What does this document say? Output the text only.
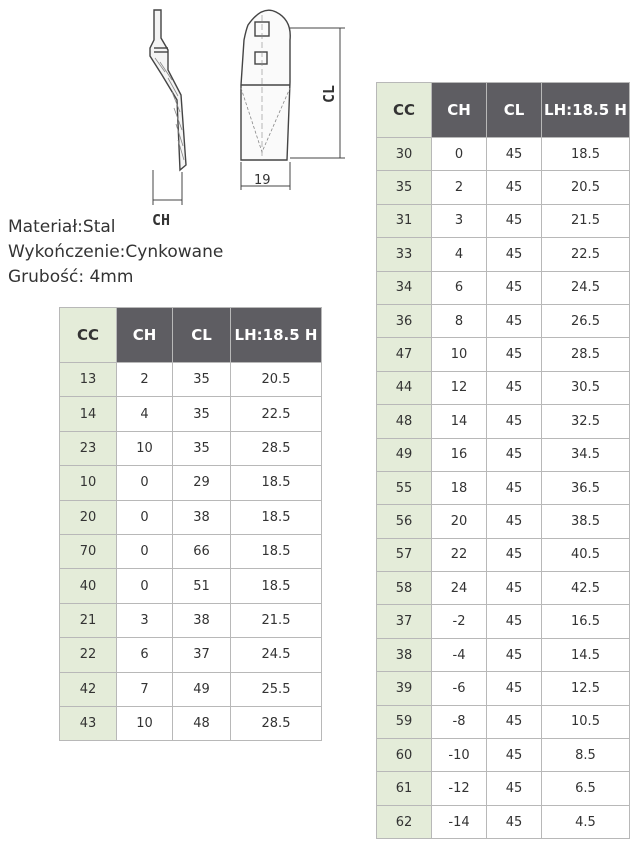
CH
19
CL
Materiał:Stal
Wykończenie:Cynkowane
Grubość: 4mm
CC	CH	CL	LH:18.5 H
13	2	35	20.5
14	4	35	22.5
23	10	35	28.5
10	0	29	18.5
20	0	38	18.5
70	0	66	18.5
40	0	51	18.5
21	3	38	21.5
22	6	37	24.5
42	7	49	25.5
43	10	48	28.5
CC	CH	CL	LH:18.5 H
30	0	45	18.5
35	2	45	20.5
31	3	45	21.5
33	4	45	22.5
34	6	45	24.5
36	8	45	26.5
47	10	45	28.5
44	12	45	30.5
48	14	45	32.5
49	16	45	34.5
55	18	45	36.5
56	20	45	38.5
57	22	45	40.5
58	24	45	42.5
37	-2	45	16.5
38	-4	45	14.5
39	-6	45	12.5
59	-8	45	10.5
60	-10	45	8.5
61	-12	45	6.5
62	-14	45	4.5
